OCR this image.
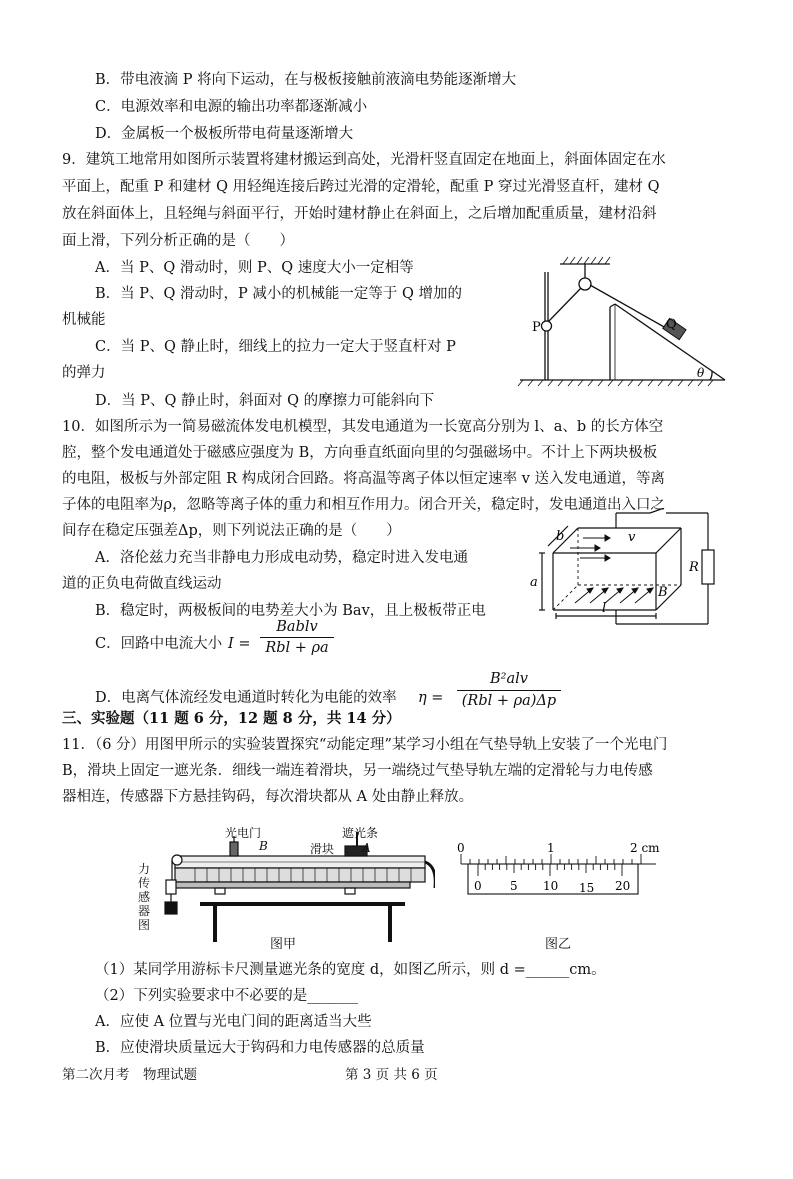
B．带电液滴 P 将向下运动，在与极板接触前液滴电势能逐渐增大
C．电源效率和电源的输出功率都逐渐减小
D．金属板一个极板所带电荷量逐渐增大
9．建筑工地常用如图所示装置将建材搬运到高处，光滑杆竖直固定在地面上，斜面体固定在水
平面上，配重 P 和建材 Q 用轻绳连接后跨过光滑的定滑轮，配重 P 穿过光滑竖直杆，建材 Q
放在斜面体上，且轻绳与斜面平行，开始时建材静止在斜面上，之后增加配重质量，建材沿斜
面上滑，下列分析正确的是（　　）
A．当 P、Q 滑动时，则 P、Q 速度大小一定相等
B．当 P、Q 滑动时，P 减小的机械能一定等于 Q 增加的
机械能
C．当 P、Q 静止时，细线上的拉力一定大于竖直杆对 P
的弹力
D．当 P、Q 静止时，斜面对 Q 的摩擦力可能斜向下
P	Q
θ
10．如图所示为一简易磁流体发电机模型，其发电通道为一长宽高分别为 l、a、b 的长方体空
腔，整个发电通道处于磁感应强度为 B，方向垂直纸面向里的匀强磁场中。不计上下两块极板
的电阻，极板与外部定阻 R 构成闭合回路。将高温等离子体以恒定速率 v 送入发电通道，等离
子体的电阻率为ρ，忽略等离子体的重力和相互作用力。闭合开关，稳定时，发电通道出入口之
间存在稳定压强差Δp，则下列说法正确的是（　　）
A．洛伦兹力充当非静电力形成电动势，稳定时进入发电通
道的正负电荷做直线运动
B．稳定时，两极板间的电势差大小为 Bav，且上极板带正电
C．回路中电流大小 I =
Bablv
Rbl + ρa
D．电离气体流经发电通道时转化为电能的效率 η =
B²alv
(Rbl + ρa)Δp
b	v
a
R
B
l
三、实验题（11 题 6 分，12 题 8 分，共 14 分）
11．（6 分）用图甲所示的实验装置探究“动能定理”某学习小组在气垫导轨上安装了一个光电门
B，滑块上固定一遮光条．细线一端连着滑块，另一端绕过气垫导轨左端的定滑轮与力电传感
器相连，传感器下方悬挂钩码，每次滑块都从 A 处由静止释放。
光电门
B
遮光条
滑块 A
力
传
感
器
图
图甲
0	1	2 cm
0 5 10 15 20
图乙
（1）某同学用游标卡尺测量遮光条的宽度 d，如图乙所示，则 d =______cm。
（2）下列实验要求中不必要的是_______
A．应使 A 位置与光电门间的距离适当大些
B．应使滑块质量远大于钩码和力电传感器的总质量
第二次月考　物理试题	第 3 页 共 6 页
